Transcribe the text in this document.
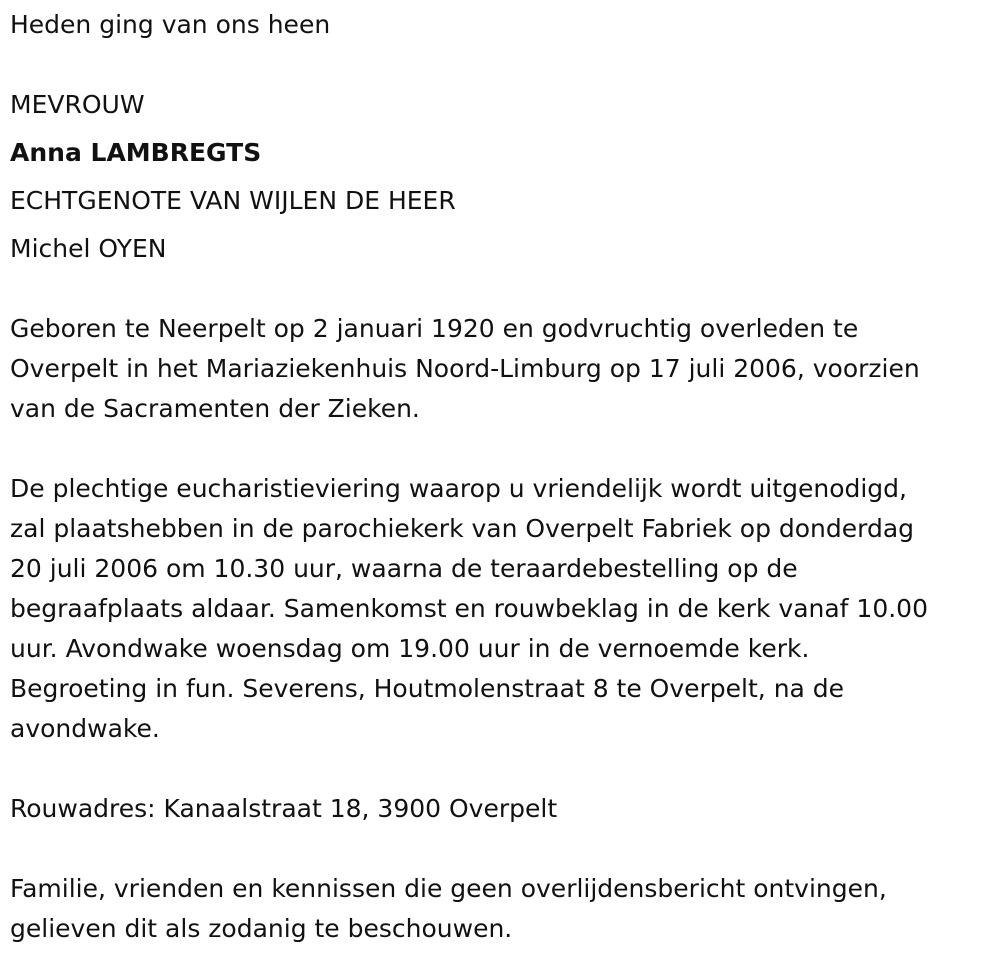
Heden ging van ons heen

MEVROUW

Anna LAMBREGTS

ECHTGENOTE VAN WIJLEN DE HEER

Michel OYEN

Geboren te Neerpelt op 2 januari 1920 en godvruchtig overleden te

Overpelt in het Mariaziekenhuis Noord-Limburg op 17 juli 2006, voorzien

van de Sacramenten der Zieken.

De plechtige eucharistieviering waarop u vriendelijk wordt uitgenodigd,

zal plaatshebben in de parochiekerk van Overpelt Fabriek op donderdag

20 juli 2006 om 10.30 uur, waarna de teraardebestelling op de

begraafplaats aldaar. Samenkomst en rouwbeklag in de kerk vanaf 10.00

uur. Avondwake woensdag om 19.00 uur in de vernoemde kerk.

Begroeting in fun. Severens, Houtmolenstraat 8 te Overpelt, na de

avondwake.

Rouwadres: Kanaalstraat 18, 3900 Overpelt

Familie, vrienden en kennissen die geen overlijdensbericht ontvingen,

gelieven dit als zodanig te beschouwen.
